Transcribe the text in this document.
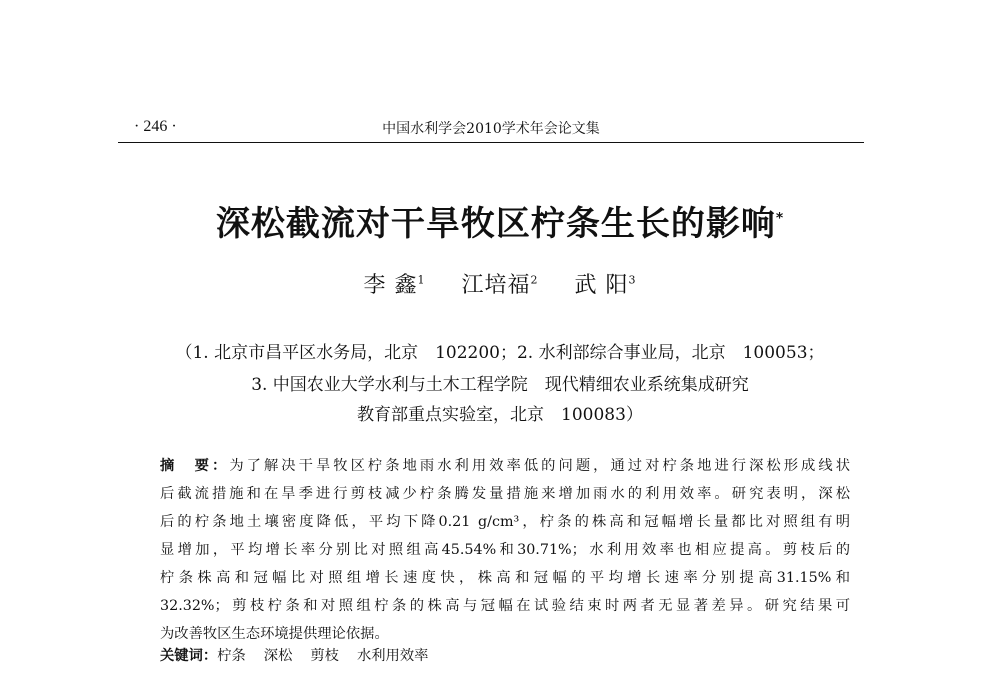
· 246 ·	中国水利学会2010学术年会论文集
深松截流对干旱牧区柠条生长的影响*
李 鑫$^1$ 江培福$^2$ 武 阳$^3$
（1. 北京市昌平区水务局，北京　102200；2. 水利部综合事业局，北京　100053；
3. 中国农业大学水利与土木工程学院　现代精细农业系统集成研究
教育部重点实验室，北京　100083）
摘　要：为了解决干旱牧区柠条地雨水利用效率低的问题，通过对柠条地进行深松形成线状
后截流措施和在旱季进行剪枝减少柠条腾发量措施来增加雨水的利用效率。研究表明，深松
后的柠条地土壤密度降低，平均下降0.21 g/cm³，柠条的株高和冠幅增长量都比对照组有明
显增加，平均增长率分别比对照组高45.54%和30.71%；水利用效率也相应提高。剪枝后的
柠条株高和冠幅比对照组增长速度快，株高和冠幅的平均增长速率分别提高31.15%和
32.32%；剪枝柠条和对照组柠条的株高与冠幅在试验结束时两者无显著差异。研究结果可
为改善牧区生态环境提供理论依据。
关键词：柠条 深松 剪枝 水利用效率
